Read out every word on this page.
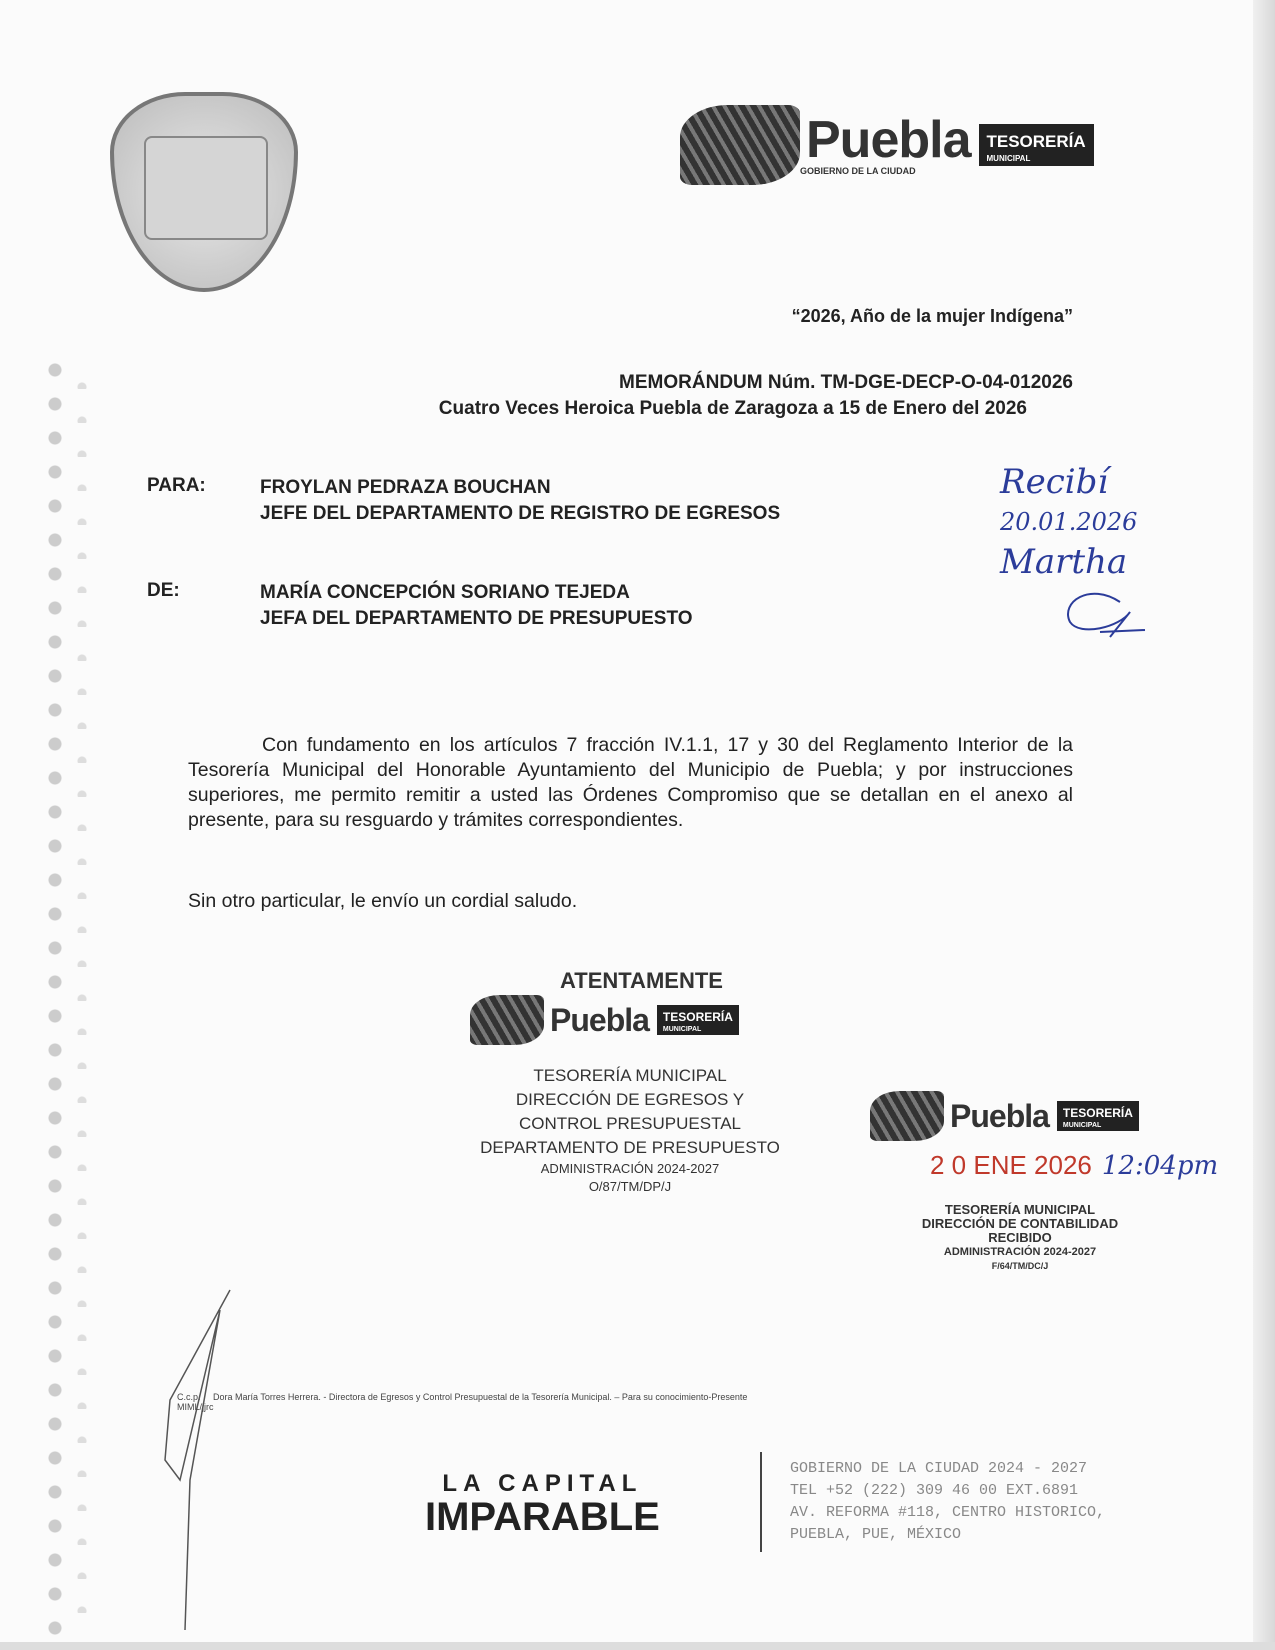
Puebla
GOBIERNO DE LA CIUDAD
TESORERÍA
MUNICIPAL
“2026, Año de la mujer Indígena”
MEMORÁNDUM Núm. TM-DGE-DECP-O-04-012026
Cuatro Veces Heroica Puebla de Zaragoza a 15 de Enero del 2026
PARA:	FROYLAN PEDRAZA BOUCHAN
JEFE DEL DEPARTAMENTO DE REGISTRO DE EGRESOS
DE:	MARÍA CONCEPCIÓN SORIANO TEJEDA
JEFA DEL DEPARTAMENTO DE PRESUPUESTO
Recibí
20.01.2026
Martha
Con fundamento en los artículos 7 fracción IV.1.1, 17 y 30 del Reglamento Interior de la Tesorería Municipal del Honorable Ayuntamiento del Municipio de Puebla; y por instrucciones superiores, me permito remitir a usted las Órdenes Compromiso que se detallan en el anexo al presente, para su resguardo y trámites correspondientes.
Sin otro particular, le envío un cordial saludo.
ATENTAMENTE
Puebla	TESORERÍA
MUNICIPAL
TESORERÍA MUNICIPAL
DIRECCIÓN DE EGRESOS Y
CONTROL PRESUPUESTAL
DEPARTAMENTO DE PRESUPUESTO
ADMINISTRACIÓN 2024-2027
O/87/TM/DP/J
Puebla	TESORERÍA
MUNICIPAL
2 0 ENE 2026 12:04pm
TESORERÍA MUNICIPAL
DIRECCIÓN DE CONTABILIDAD
RECIBIDO
ADMINISTRACIÓN 2024-2027
F/64/TM/DC/J
C.c.p. Dora María Torres Herrera. - Directora de Egresos y Control Presupuestal de la Tesorería Municipal. – Para su conocimiento-Presente
MIML/jjrc
LA CAPITAL
IMPARABLE
GOBIERNO DE LA CIUDAD 2024 - 2027
TEL +52 (222) 309 46 00 EXT.6891
AV. REFORMA #118, CENTRO HISTORICO,
PUEBLA, PUE, MÉXICO
